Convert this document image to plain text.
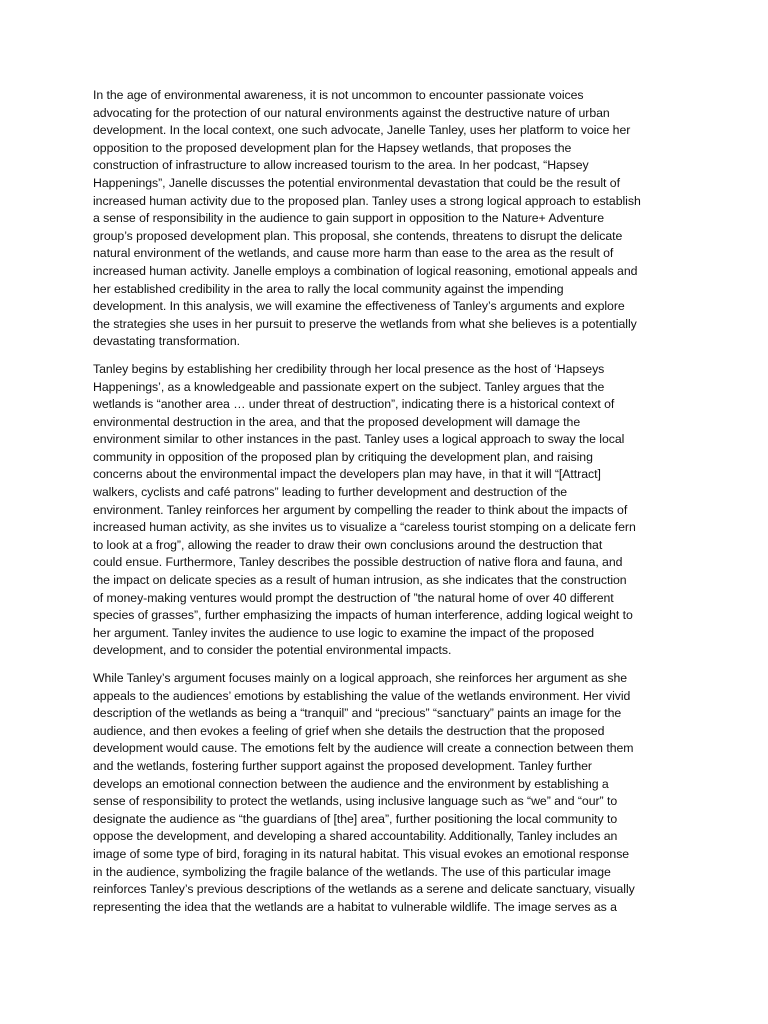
In the age of environmental awareness, it is not uncommon to encounter passionate voices
advocating for the protection of our natural environments against the destructive nature of urban
development. In the local context, one such advocate, Janelle Tanley, uses her platform to voice her
opposition to the proposed development plan for the Hapsey wetlands, that proposes the
construction of infrastructure to allow increased tourism to the area. In her podcast, “Hapsey
Happenings”, Janelle discusses the potential environmental devastation that could be the result of
increased human activity due to the proposed plan. Tanley uses a strong logical approach to establish
a sense of responsibility in the audience to gain support in opposition to the Nature+ Adventure
group’s proposed development plan. This proposal, she contends, threatens to disrupt the delicate
natural environment of the wetlands, and cause more harm than ease to the area as the result of
increased human activity. Janelle employs a combination of logical reasoning, emotional appeals and
her established credibility in the area to rally the local community against the impending
development. In this analysis, we will examine the effectiveness of Tanley’s arguments and explore
the strategies she uses in her pursuit to preserve the wetlands from what she believes is a potentially
devastating transformation.

Tanley begins by establishing her credibility through her local presence as the host of ‘Hapseys
Happenings’, as a knowledgeable and passionate expert on the subject. Tanley argues that the
wetlands is “another area … under threat of destruction”, indicating there is a historical context of
environmental destruction in the area, and that the proposed development will damage the
environment similar to other instances in the past. Tanley uses a logical approach to sway the local
community in opposition of the proposed plan by critiquing the development plan, and raising
concerns about the environmental impact the developers plan may have, in that it will “[Attract]
walkers, cyclists and café patrons” leading to further development and destruction of the
environment. Tanley reinforces her argument by compelling the reader to think about the impacts of
increased human activity, as she invites us to visualize a “careless tourist stomping on a delicate fern
to look at a frog”, allowing the reader to draw their own conclusions around the destruction that
could ensue. Furthermore, Tanley describes the possible destruction of native flora and fauna, and
the impact on delicate species as a result of human intrusion, as she indicates that the construction
of money-making ventures would prompt the destruction of ”the natural home of over 40 different
species of grasses”, further emphasizing the impacts of human interference, adding logical weight to
her argument. Tanley invites the audience to use logic to examine the impact of the proposed
development, and to consider the potential environmental impacts.

While Tanley’s argument focuses mainly on a logical approach, she reinforces her argument as she
appeals to the audiences’ emotions by establishing the value of the wetlands environment. Her vivid
description of the wetlands as being a “tranquil” and “precious” “sanctuary” paints an image for the
audience, and then evokes a feeling of grief when she details the destruction that the proposed
development would cause. The emotions felt by the audience will create a connection between them
and the wetlands, fostering further support against the proposed development. Tanley further
develops an emotional connection between the audience and the environment by establishing a
sense of responsibility to protect the wetlands, using inclusive language such as “we” and “our” to
designate the audience as “the guardians of [the] area”, further positioning the local community to
oppose the development, and developing a shared accountability. Additionally, Tanley includes an
image of some type of bird, foraging in its natural habitat. This visual evokes an emotional response
in the audience, symbolizing the fragile balance of the wetlands. The use of this particular image
reinforces Tanley’s previous descriptions of the wetlands as a serene and delicate sanctuary, visually
representing the idea that the wetlands are a habitat to vulnerable wildlife. The image serves as a
